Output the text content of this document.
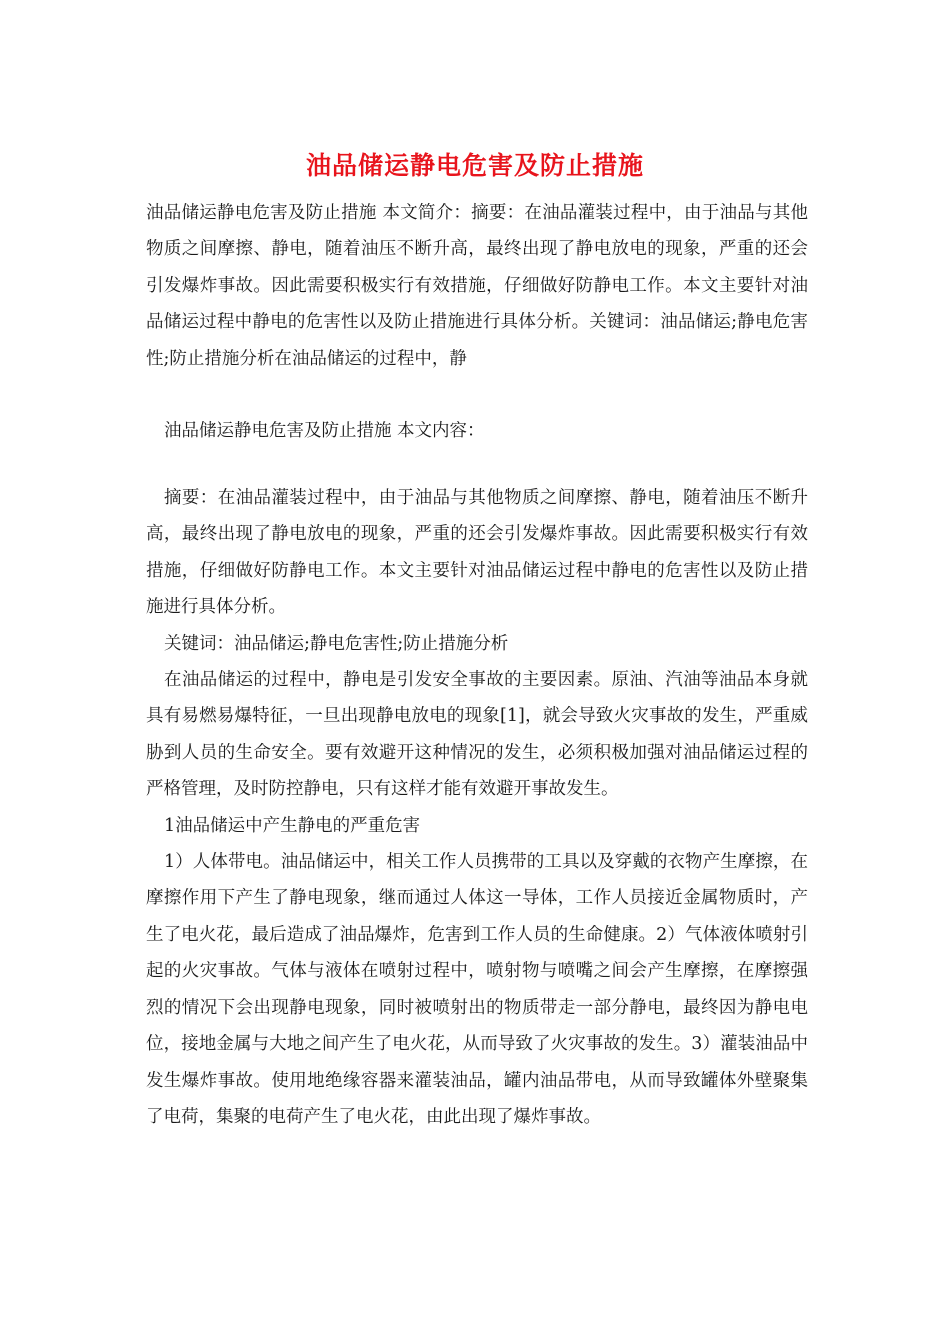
油品储运静电危害及防止措施

油品储运静电危害及防止措施 本文简介：摘要：在油品灌装过程中，由于油品与其他物质之间摩擦、静电，随着油压不断升高，最终出现了静电放电的现象，严重的还会引发爆炸事故。因此需要积极实行有效措施，仔细做好防静电工作。本文主要针对油品储运过程中静电的危害性以及防止措施进行具体分析。关键词：油品储运;静电危害性;防止措施分析在油品储运的过程中，静

油品储运静电危害及防止措施 本文内容：

摘要：在油品灌装过程中，由于油品与其他物质之间摩擦、静电，随着油压不断升高，最终出现了静电放电的现象，严重的还会引发爆炸事故。因此需要积极实行有效措施，仔细做好防静电工作。本文主要针对油品储运过程中静电的危害性以及防止措施进行具体分析。

关键词：油品储运;静电危害性;防止措施分析

在油品储运的过程中，静电是引发安全事故的主要因素。原油、汽油等油品本身就具有易燃易爆特征，一旦出现静电放电的现象[1]，就会导致火灾事故的发生，严重威胁到人员的生命安全。要有效避开这种情况的发生，必须积极加强对油品储运过程的严格管理，及时防控静电，只有这样才能有效避开事故发生。

1油品储运中产生静电的严重危害

1）人体带电。油品储运中，相关工作人员携带的工具以及穿戴的衣物产生摩擦，在摩擦作用下产生了静电现象，继而通过人体这一导体，工作人员接近金属物质时，产生了电火花，最后造成了油品爆炸，危害到工作人员的生命健康。2）气体液体喷射引起的火灾事故。气体与液体在喷射过程中，喷射物与喷嘴之间会产生摩擦，在摩擦强烈的情况下会出现静电现象，同时被喷射出的物质带走一部分静电，最终因为静电电位，接地金属与大地之间产生了电火花，从而导致了火灾事故的发生。3）灌装油品中发生爆炸事故。使用地绝缘容器来灌装油品，罐内油品带电，从而导致罐体外壁聚集了电荷，集聚的电荷产生了电火花，由此出现了爆炸事故。
